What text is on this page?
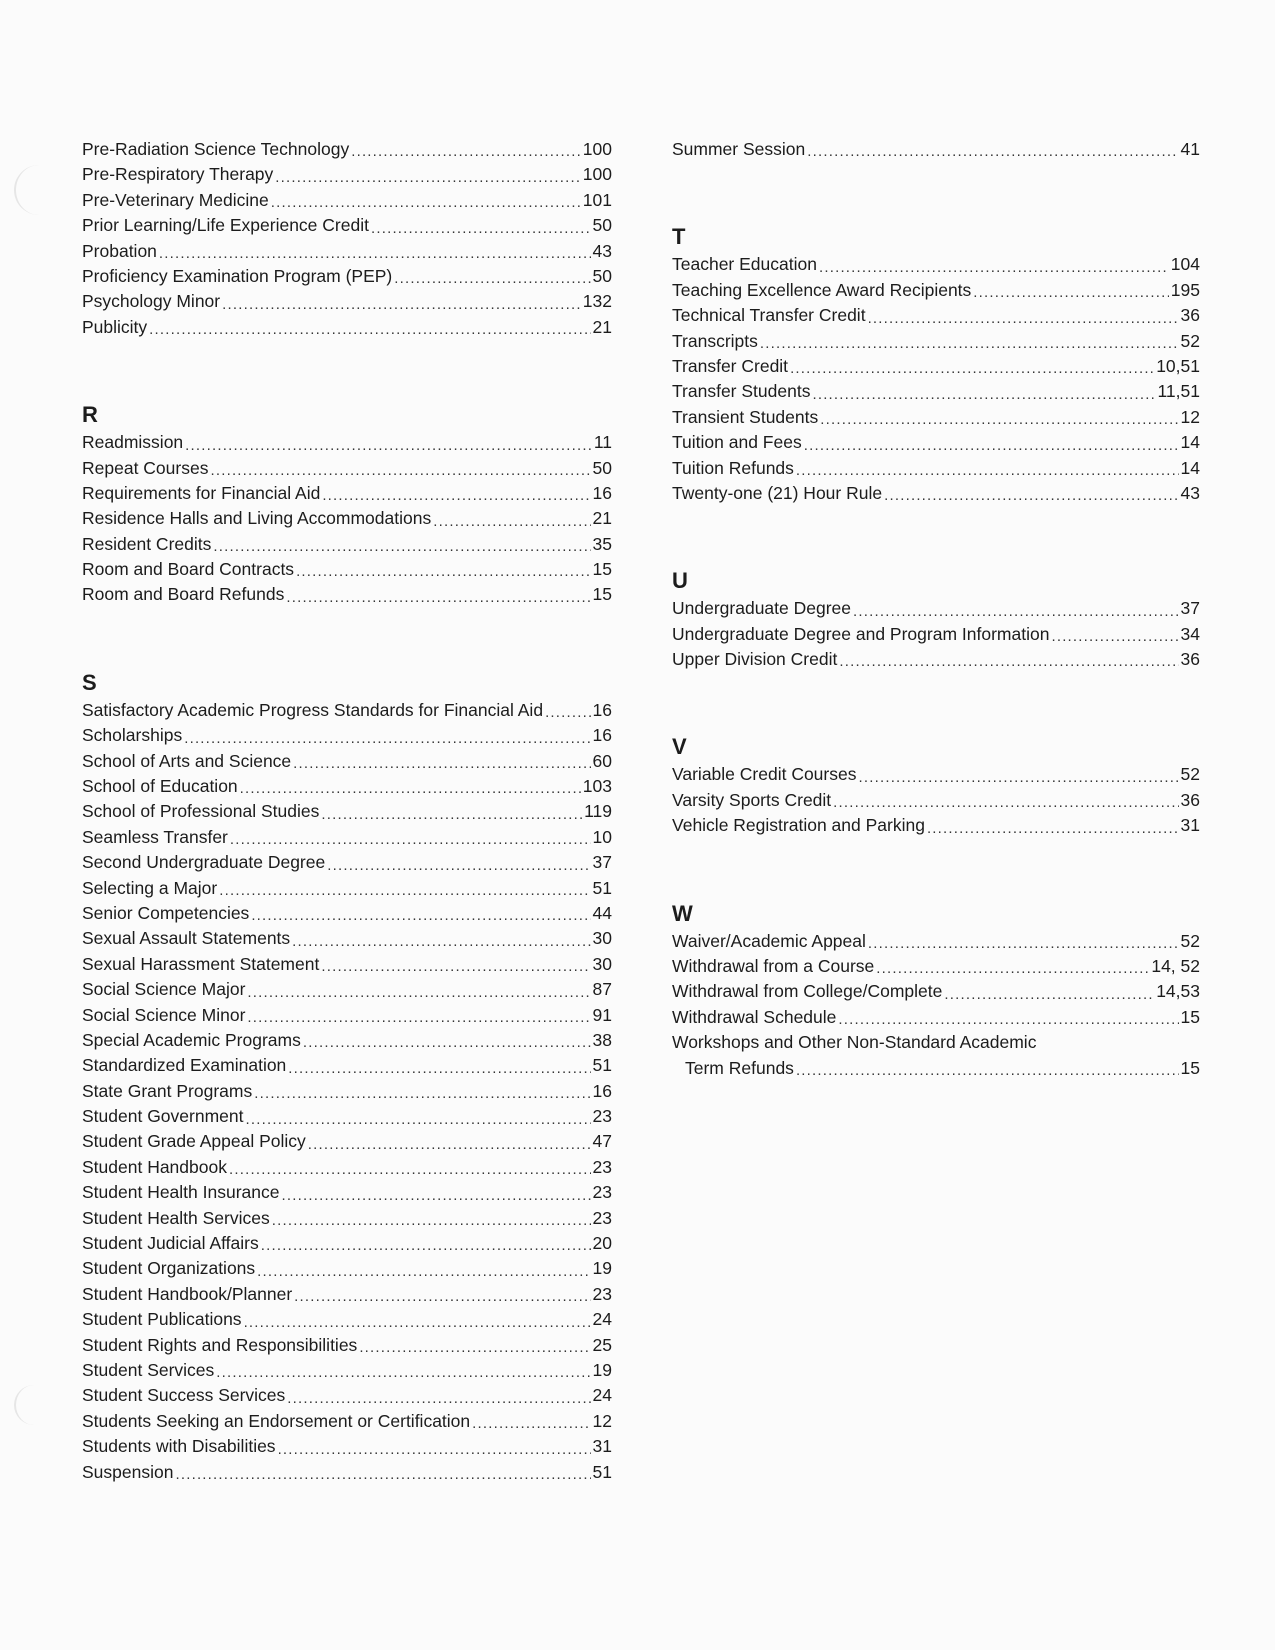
Pre-Radiation Science Technology .....	100
Pre-Respiratory Therapy .....	100
Pre-Veterinary Medicine .....	101
Prior Learning/Life Experience Credit .....	50
Probation .....	43
Proficiency Examination Program (PEP) .....	50
Psychology Minor .....	132
Publicity .....	21
R
Readmission .....	11
Repeat Courses .....	50
Requirements for Financial Aid .....	16
Residence Halls and Living Accommodations .....	21
Resident Credits .....	35
Room and Board Contracts .....	15
Room and Board Refunds .....	15
S
Satisfactory Academic Progress Standards for Financial Aid .....	16
Scholarships .....	16
School of Arts and Science .....	60
School of Education .....	103
School of Professional Studies .....	119
Seamless Transfer .....	10
Second Undergraduate Degree .....	37
Selecting a Major .....	51
Senior Competencies .....	44
Sexual Assault Statements .....	30
Sexual Harassment Statement .....	30
Social Science Major .....	87
Social Science Minor .....	91
Special Academic Programs .....	38
Standardized Examination .....	51
State Grant Programs .....	16
Student Government .....	23
Student Grade Appeal Policy .....	47
Student Handbook .....	23
Student Health Insurance .....	23
Student Health Services .....	23
Student Judicial Affairs .....	20
Student Organizations .....	19
Student Handbook/Planner .....	23
Student Publications .....	24
Student Rights and Responsibilities .....	25
Student Services .....	19
Student Success Services .....	24
Students Seeking an Endorsement or Certification .....	12
Students with Disabilities .....	31
Suspension .....	51
Summer Session .....	41
T
Teacher Education .....	104
Teaching Excellence Award Recipients .....	195
Technical Transfer Credit .....	36
Transcripts .....	52
Transfer Credit .....	10,51
Transfer Students .....	11,51
Transient Students .....	12
Tuition and Fees .....	14
Tuition Refunds .....	14
Twenty-one (21) Hour Rule .....	43
U
Undergraduate Degree .....	37
Undergraduate Degree and Program Information .....	34
Upper Division Credit .....	36
V
Variable Credit Courses .....	52
Varsity Sports Credit .....	36
Vehicle Registration and Parking .....	31
W
Waiver/Academic Appeal .....	52
Withdrawal from a Course .....	14, 52
Withdrawal from College/Complete .....	14,53
Withdrawal Schedule .....	15
Workshops and Other Non-Standard Academic
Term Refunds .....	15
